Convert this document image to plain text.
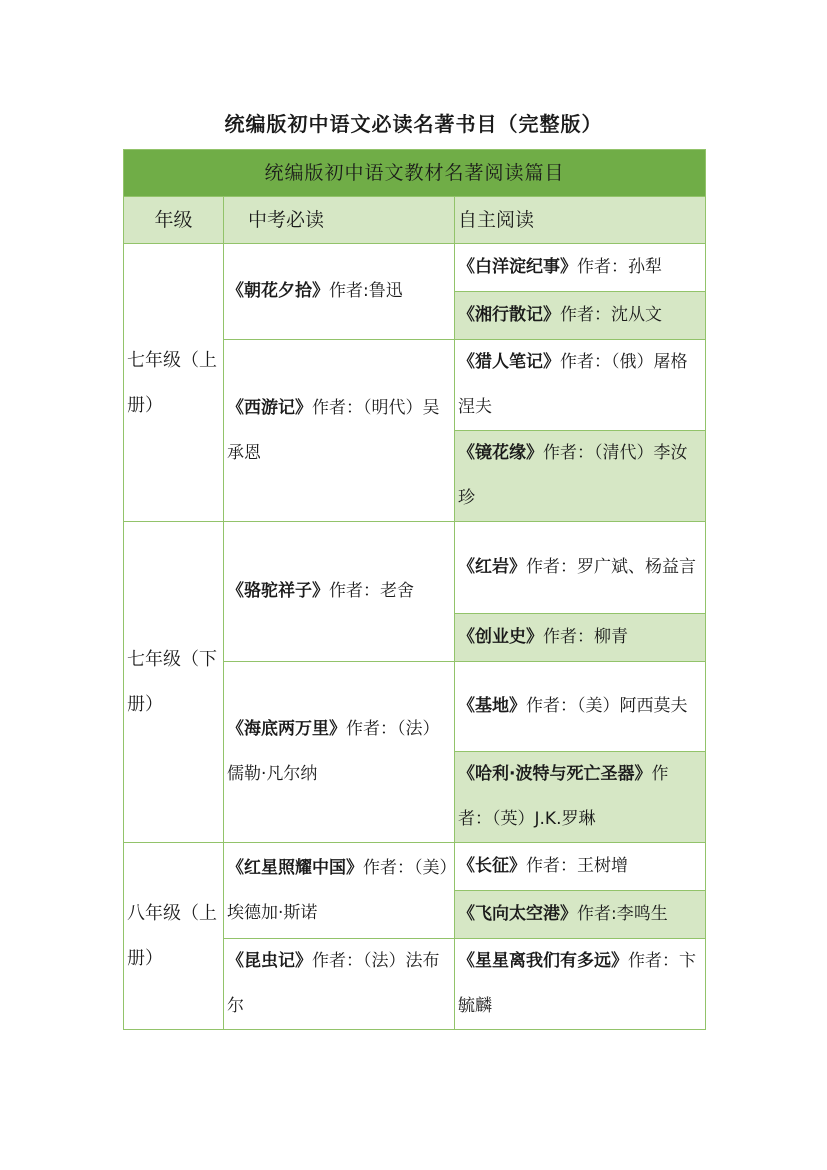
统编版初中语文必读名著书目（完整版）
统编版初中语文教材名著阅读篇目		
年级	中考必读	自主阅读
七年级（上册）	《朝花夕拾》作者:鲁迅	《白洋淀纪事》作者：孙犁
		《湘行散记》作者：沈从文
	《西游记》作者：（明代）吴承恩	《猎人笔记》作者：（俄）屠格涅夫
		《镜花缘》作者：（清代）李汝珍
七年级（下册）	《骆驼祥子》作者：老舍	《红岩》作者：罗广斌、杨益言
		《创业史》作者：柳青
	《海底两万里》作者：（法）儒勒·凡尔纳	《基地》作者：（美）阿西莫夫
		《哈利·波特与死亡圣器》作者：（英）J.K.罗琳
八年级（上册）	《红星照耀中国》作者：（美）埃德加·斯诺	《长征》作者：王树增
		《飞向太空港》作者:李鸣生
	《昆虫记》作者：（法）法布尔	《星星离我们有多远》作者：卞毓麟
